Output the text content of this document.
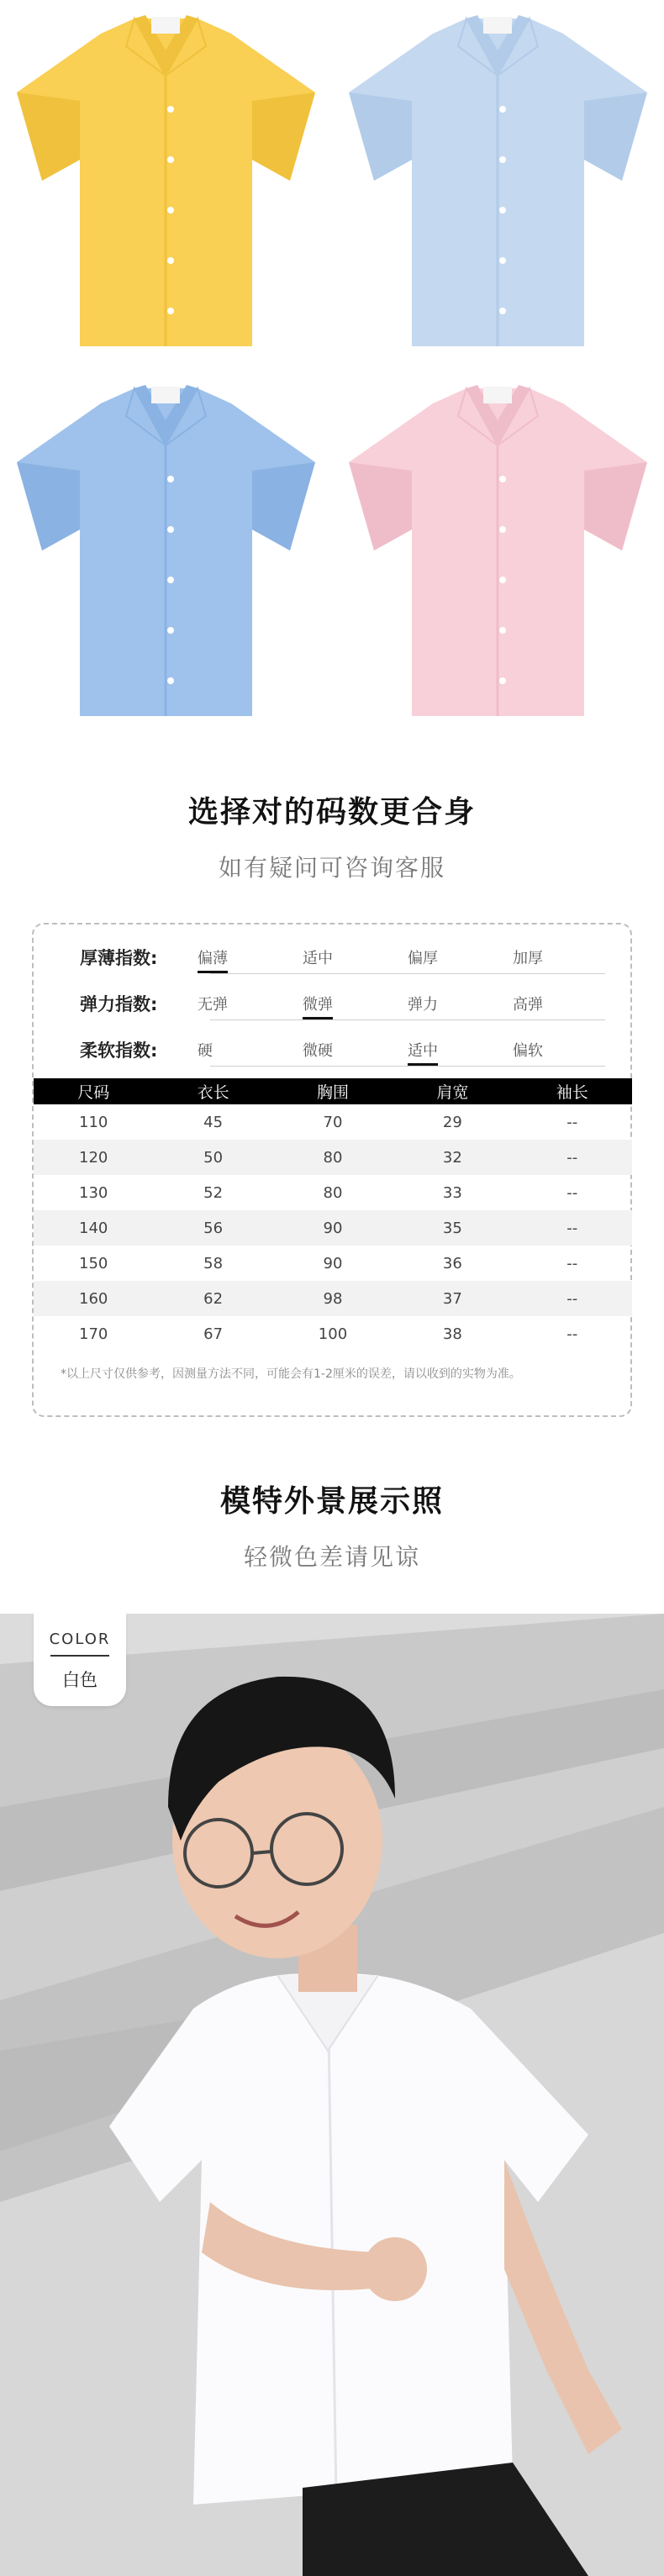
选择对的码数更合身
如有疑问可咨询客服
厚薄指数:	偏薄	适中	偏厚	加厚
弹力指数:	无弹	微弹	弹力	高弹
柔软指数:	硬	微硬	适中	偏软
尺码	衣长	胸围	肩宽	袖长
110	45	70	29	--
120	50	80	32	--
130	52	80	33	--
140	56	90	35	--
150	58	90	36	--
160	62	98	37	--
170	67	100	38	--
*以上尺寸仅供参考，因测量方法不同，可能会有1-2厘米的误差，请以收到的实物为准。
模特外景展示照
轻微色差请见谅
COLOR
白色
